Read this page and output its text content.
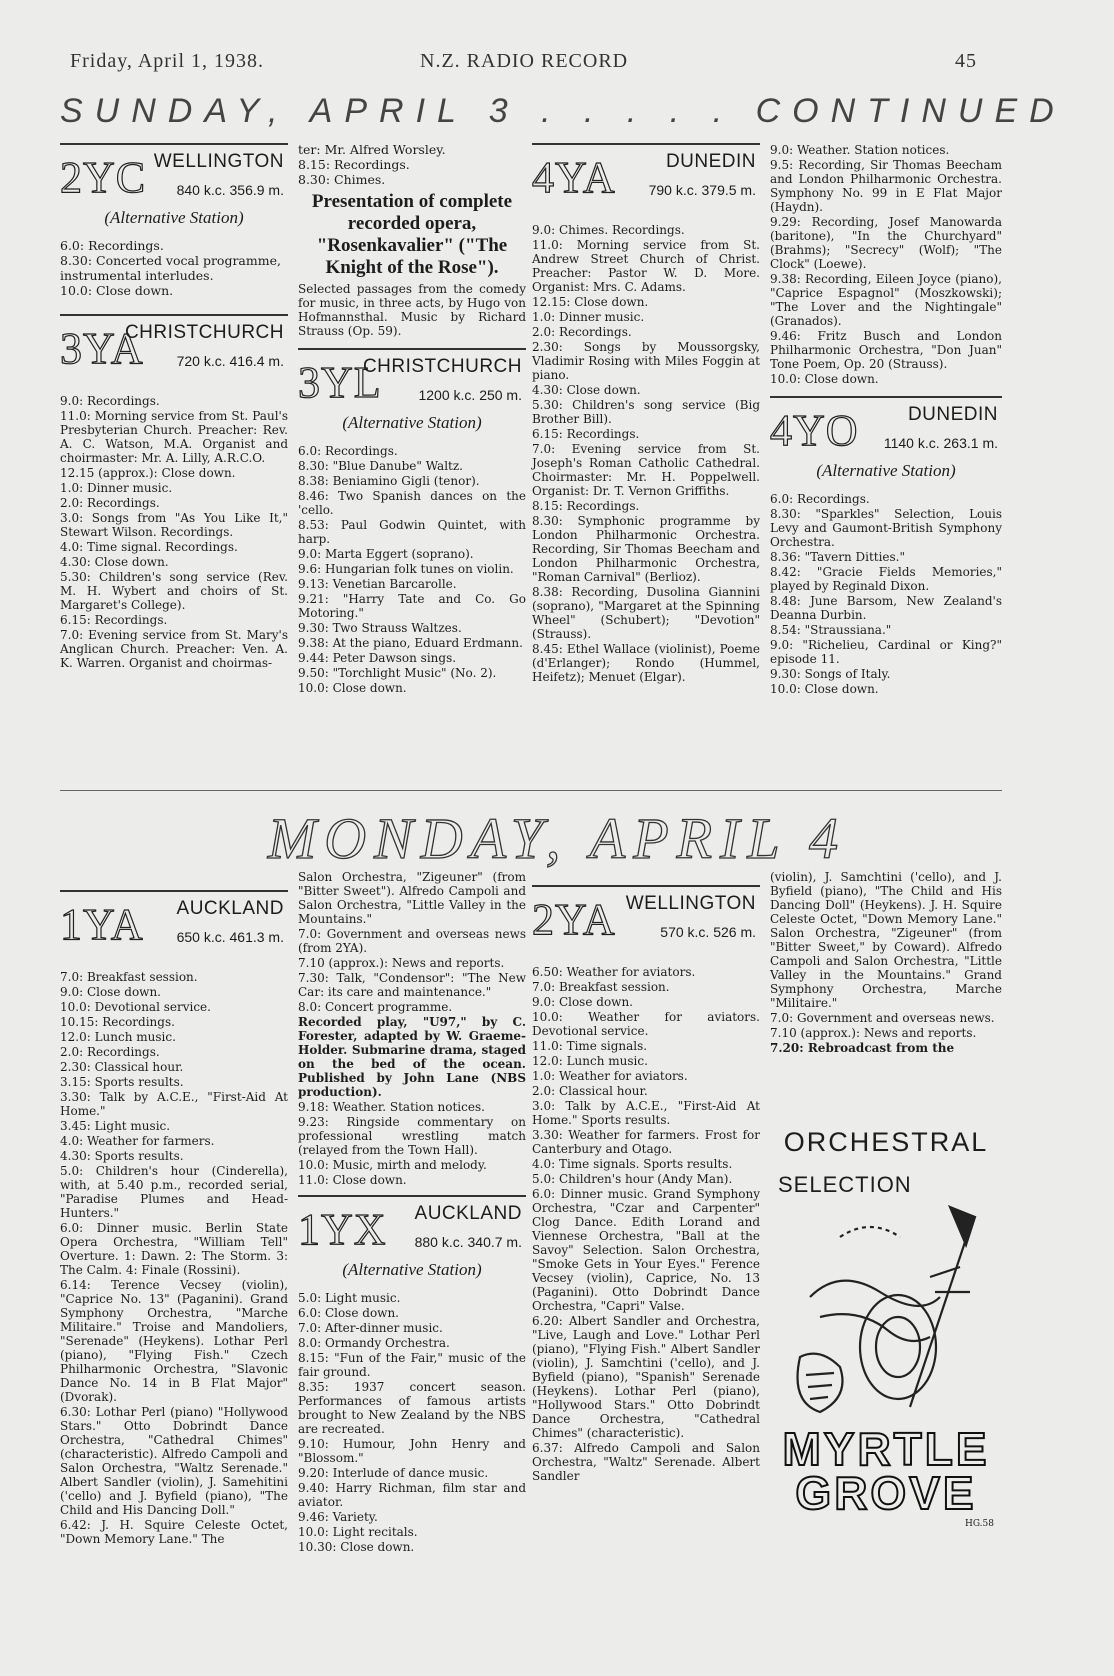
Friday, April 1, 1938.	N.Z. RADIO RECORD	45
SUNDAY, APRIL 3 . . . . . CONTINUED
2YC WELLINGTON
840 k.c. 356.9 m.
(Alternative Station)
6.0: Recordings.
8.30: Concerted vocal programme, instrumental interludes.
10.0: Close down.
3YA
CHRISTCHURCH
720 k.c. 416.4 m.
9.0: Recordings.
11.0: Morning service from St. Paul's Presbyterian Church. Preacher: Rev. A. C. Watson, M.A. Organist and choirmaster: Mr. A. Lilly, A.R.C.O.
12.15 (approx.): Close down.
1.0: Dinner music.
2.0: Recordings.
3.0: Songs from "As You Like It," Stewart Wilson. Recordings.
4.0: Time signal. Recordings.
4.30: Close down.
5.30: Children's song service (Rev. M. H. Wybert and choirs of St. Margaret's College).
6.15: Recordings.
7.0: Evening service from St. Mary's Anglican Church. Preacher: Ven. A. K. Warren. Organist and choirmas-
ter: Mr. Alfred Worsley.
8.15: Recordings.
8.30: Chimes.
Presentation of complete recorded opera, "Rosenkavalier" ("The Knight of the Rose").
Selected passages from the comedy for music, in three acts, by Hugo von Hofmannsthal. Music by Richard Strauss (Op. 59).
3YL
CHRISTCHURCH
1200 k.c. 250 m.
(Alternative Station)
6.0: Recordings.
8.30: "Blue Danube" Waltz.
8.38: Beniamino Gigli (tenor).
8.46: Two Spanish dances on the 'cello.
8.53: Paul Godwin Quintet, with harp.
9.0: Marta Eggert (soprano).
9.6: Hungarian folk tunes on violin.
9.13: Venetian Barcarolle.
9.21: "Harry Tate and Co. Go Motoring."
9.30: Two Strauss Waltzes.
9.38: At the piano, Eduard Erdmann.
9.44: Peter Dawson sings.
9.50: "Torchlight Music" (No. 2).
10.0: Close down.
4YA	DUNEDIN
790 k.c. 379.5 m.
9.0: Chimes. Recordings.
11.0: Morning service from St. Andrew Street Church of Christ. Preacher: Pastor W. D. More. Organist: Mrs. C. Adams.
12.15: Close down.
1.0: Dinner music.
2.0: Recordings.
2.30: Songs by Moussorgsky, Vladimir Rosing with Miles Foggin at piano.
4.30: Close down.
5.30: Children's song service (Big Brother Bill).
6.15: Recordings.
7.0: Evening service from St. Joseph's Roman Catholic Cathedral. Choirmaster: Mr. H. Poppelwell. Organist: Dr. T. Vernon Griffiths.
8.15: Recordings.
8.30: Symphonic programme by London Philharmonic Orchestra. Recording, Sir Thomas Beecham and London Philharmonic Orchestra, "Roman Carnival" (Berlioz).
8.38: Recording, Dusolina Giannini (soprano), "Margaret at the Spinning Wheel" (Schubert); "Devotion" (Strauss).
8.45: Ethel Wallace (violinist), Poeme (d'Erlanger); Rondo (Hummel, Heifetz); Menuet (Elgar).
9.0: Weather. Station notices.
9.5: Recording, Sir Thomas Beecham and London Philharmonic Orchestra. Symphony No. 99 in E Flat Major (Haydn).
9.29: Recording, Josef Manowarda (baritone), "In the Churchyard" (Brahms); "Secrecy" (Wolf); "The Clock" (Loewe).
9.38: Recording, Eileen Joyce (piano), "Caprice Espagnol" (Moszkowski); "The Lover and the Nightingale" (Granados).
9.46: Fritz Busch and London Philharmonic Orchestra, "Don Juan" Tone Poem, Op. 20 (Strauss).
10.0: Close down.
4YO	DUNEDIN
1140 k.c. 263.1 m.
(Alternative Station)
6.0: Recordings.
8.30: "Sparkles" Selection, Louis Levy and Gaumont-British Symphony Orchestra.
8.36: "Tavern Ditties."
8.42: "Gracie Fields Memories," played by Reginald Dixon.
8.48: June Barsom, New Zealand's Deanna Durbin.
8.54: "Straussiana."
9.0: "Richelieu, Cardinal or King?" episode 11.
9.30: Songs of Italy.
10.0: Close down.
MONDAY, APRIL 4
1YA AUCKLAND
650 k.c. 461.3 m.
7.0: Breakfast session.
9.0: Close down.
10.0: Devotional service.
10.15: Recordings.
12.0: Lunch music.
2.0: Recordings.
2.30: Classical hour.
3.15: Sports results.
3.30: Talk by A.C.E., "First-Aid At Home."
3.45: Light music.
4.0: Weather for farmers.
4.30: Sports results.
5.0: Children's hour (Cinderella), with, at 5.40 p.m., recorded serial, "Paradise Plumes and Head-Hunters."
6.0: Dinner music. Berlin State Opera Orchestra, "William Tell" Overture. 1: Dawn. 2: The Storm. 3: The Calm. 4: Finale (Rossini).
6.14: Terence Vecsey (violin), "Caprice No. 13" (Paganini). Grand Symphony Orchestra, "Marche Militaire." Troise and Mandoliers, "Serenade" (Heykens). Lothar Perl (piano), "Flying Fish." Czech Philharmonic Orchestra, "Slavonic Dance No. 14 in B Flat Major" (Dvorak).
6.30: Lothar Perl (piano) "Hollywood Stars." Otto Dobrindt Dance Orchestra, "Cathedral Chimes" (characteristic). Alfredo Campoli and Salon Orchestra, "Waltz Serenade." Albert Sandler (violin), J. Samehitini ('cello) and J. Byfield (piano), "The Child and His Dancing Doll."
6.42: J. H. Squire Celeste Octet, "Down Memory Lane." The
Salon Orchestra, "Zigeuner" (from "Bitter Sweet"). Alfredo Campoli and Salon Orchestra, "Little Valley in the Mountains."
7.0: Government and overseas news (from 2YA).
7.10 (approx.): News and reports.
7.30: Talk, "Condensor": "The New Car: its care and maintenance."
8.0: Concert programme.
Recorded play, "U97," by C. Forester, adapted by W. Graeme-Holder. Submarine drama, staged on the bed of the ocean. Published by John Lane (NBS production).
9.18: Weather. Station notices.
9.23: Ringside commentary on professional wrestling match (relayed from the Town Hall).
10.0: Music, mirth and melody.
11.0: Close down.
1YX AUCKLAND
880 k.c. 340.7 m.
(Alternative Station)
5.0: Light music.
6.0: Close down.
7.0: After-dinner music.
8.0: Ormandy Orchestra.
8.15: "Fun of the Fair," music of the fair ground.
8.35: 1937 concert season. Performances of famous artists brought to New Zealand by the NBS are recreated.
9.10: Humour, John Henry and "Blossom."
9.20: Interlude of dance music.
9.40: Harry Richman, film star and aviator.
9.46: Variety.
10.0: Light recitals.
10.30: Close down.
2YA WELLINGTON
570 k.c. 526 m.
6.50: Weather for aviators.
7.0: Breakfast session.
9.0: Close down.
10.0: Weather for aviators. Devotional service.
11.0: Time signals.
12.0: Lunch music.
1.0: Weather for aviators.
2.0: Classical hour.
3.0: Talk by A.C.E., "First-Aid At Home." Sports results.
3.30: Weather for farmers. Frost for Canterbury and Otago.
4.0: Time signals. Sports results.
5.0: Children's hour (Andy Man).
6.0: Dinner music. Grand Symphony Orchestra, "Czar and Carpenter" Clog Dance. Edith Lorand and Viennese Orchestra, "Ball at the Savoy" Selection. Salon Orchestra, "Smoke Gets in Your Eyes." Ference Vecsey (violin), Caprice, No. 13 (Paganini). Otto Dobrindt Dance Orchestra, "Capri" Valse.
6.20: Albert Sandler and Orchestra, "Live, Laugh and Love." Lothar Perl (piano), "Flying Fish." Albert Sandler (violin), J. Samchtini ('cello), and J. Byfield (piano), "Spanish" Serenade (Heykens). Lothar Perl (piano), "Hollywood Stars." Otto Dobrindt Dance Orchestra, "Cathedral Chimes" (characteristic).
6.37: Alfredo Campoli and Salon Orchestra, "Waltz" Serenade. Albert Sandler
(violin), J. Samchtini ('cello), and J. Byfield (piano), "The Child and His Dancing Doll" (Heykens). J. H. Squire Celeste Octet, "Down Memory Lane." Salon Orchestra, "Zigeuner" (from "Bitter Sweet," by Coward). Alfredo Campoli and Salon Orchestra, "Little Valley in the Mountains." Grand Symphony Orchestra, Marche "Militaire."
7.0: Government and overseas news.
7.10 (approx.): News and reports.
7.20: Rebroadcast from the
ORCHESTRAL
SELECTION
MYRTLE
GROVE
HG.58
